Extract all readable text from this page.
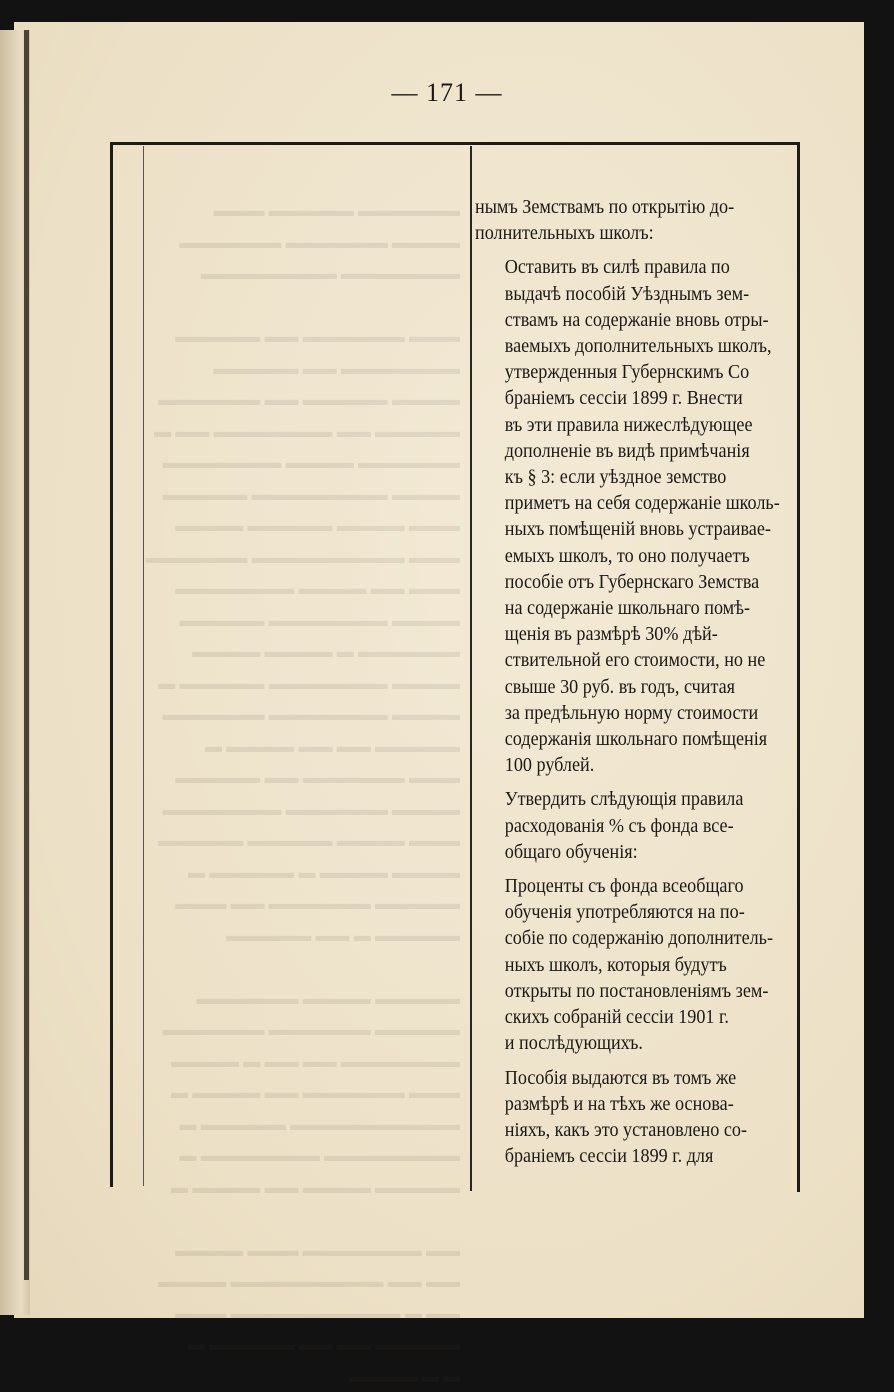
— 171 —
▬▬▬▬▬▬ ▬▬▬▬▬ ▬▬▬
▬▬▬▬ ▬▬▬▬▬▬ ▬▬▬▬▬▬
▬▬▬▬▬▬▬ ▬▬▬▬▬▬▬▬

▬▬▬ ▬▬▬▬▬▬ ▬▬ ▬▬▬▬▬
▬▬▬▬▬▬▬ ▬▬ ▬▬▬▬▬
▬▬▬▬ ▬▬▬▬▬ ▬▬ ▬▬▬▬▬▬
▬▬▬▬▬ ▬▬ ▬▬▬▬▬▬▬ ▬▬ ▬
▬▬▬▬▬▬ ▬▬▬▬ ▬▬▬▬▬▬▬
▬▬▬▬ ▬▬▬▬▬▬▬▬ ▬▬▬▬▬
▬▬▬ ▬▬▬▬ ▬▬▬▬▬ ▬▬▬▬
▬▬▬ ▬▬▬▬▬▬▬▬▬ ▬▬▬▬▬▬
▬▬▬ ▬▬ ▬▬▬▬ ▬▬▬▬▬▬▬
▬▬▬▬ ▬▬▬▬▬▬▬ ▬▬▬▬▬
▬▬▬▬▬▬ ▬ ▬▬▬▬ ▬▬▬▬
▬▬▬▬ ▬▬▬▬▬▬▬ ▬▬▬▬▬ ▬
▬▬▬▬ ▬▬▬▬▬▬▬ ▬▬▬▬▬▬
▬▬▬▬▬ ▬▬ ▬▬ ▬▬▬▬ ▬
▬▬▬ ▬▬▬▬▬▬ ▬▬ ▬▬▬▬▬
▬▬▬▬ ▬▬▬▬▬▬ ▬▬▬▬▬▬▬
▬▬▬ ▬▬▬▬ ▬▬▬▬▬ ▬▬▬▬▬
▬▬▬▬ ▬▬▬▬ ▬ ▬▬▬▬▬ ▬
▬▬▬▬▬ ▬▬▬▬▬▬ ▬▬ ▬▬▬
▬▬▬▬▬ ▬ ▬▬ ▬▬▬▬▬

▬▬▬▬▬ ▬▬▬▬ ▬▬▬▬▬▬
▬▬▬▬▬ ▬▬▬▬▬▬ ▬▬▬▬▬▬
▬▬▬▬▬▬▬ ▬▬ ▬▬ ▬ ▬▬▬▬
▬▬▬ ▬▬▬▬▬▬ ▬▬ ▬▬▬▬ ▬
▬▬▬▬▬▬▬▬▬▬ ▬▬▬▬▬ ▬
▬▬▬▬▬▬▬▬ ▬▬▬▬▬▬▬ ▬
▬▬▬▬▬ ▬▬▬▬ ▬▬ ▬▬▬▬ ▬

▬▬ ▬▬▬▬▬▬▬ ▬▬▬ ▬▬▬▬
▬▬ ▬▬ ▬▬▬▬▬▬▬▬▬ ▬▬▬▬
▬▬ ▬ ▬▬▬▬▬▬▬▬▬▬ ▬▬▬
▬▬▬▬▬ ▬▬ ▬▬ ▬▬▬▬▬ ▬
▬ ▬ ▬▬▬▬

нымъ Земствамъ по открытію до-
полнительныхъ школъ:

Оставить въ силѣ правила по
выдачѣ пособій Уѣзднымъ зем-
ствамъ на содержаніе вновь отры-
ваемыхъ дополнительныхъ школъ,
утвержденныя Губернскимъ Со
браніемъ сессіи 1899 г. Внести
въ эти правила нижеслѣдующее
дополненіе въ видѣ примѣчанія
къ § 3: если уѣздное земство
приметъ на себя содержаніе школь-
ныхъ помѣщеній вновь устраивае-
емыхъ школъ, то оно получаетъ
пособіе отъ Губернскаго Земства
на содержаніе школьнаго помѣ-
щенія въ размѣрѣ 30% дѣй-
ствительной его стоимости, но не
свыше 30 руб. въ годъ, считая
за предѣльную норму стоимости
содержанія школьнаго помѣщенія
100 рублей.

Утвердить слѣдующія правила
расходованія % съ фонда все-
общаго обученія:

Проценты съ фонда всеобщаго
обученія употребляются на по-
собіе по содержанію дополнитель-
ныхъ школъ, которыя будутъ
открыты по постановленіямъ зем-
скихъ собраній сессіи 1901 г.
и послѣдующихъ.

Пособія выдаются въ томъ же
размѣрѣ и на тѣхъ же основа-
ніяхъ, какъ это установлено со-
браніемъ сессіи 1899 г. для
